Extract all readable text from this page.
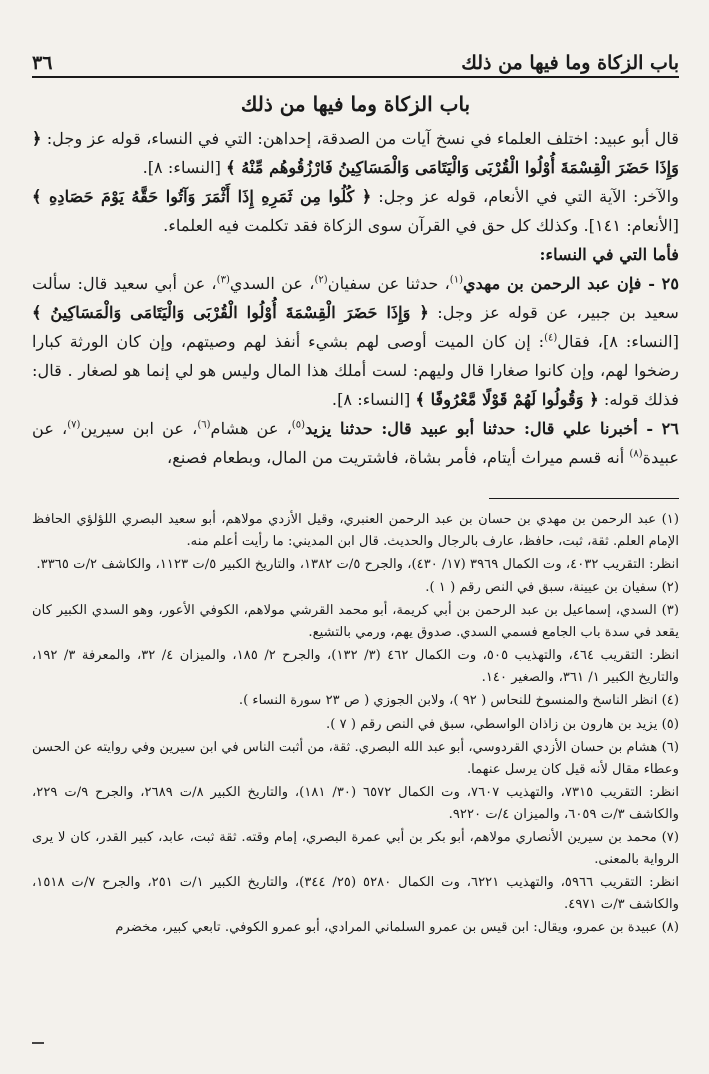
باب الزكاة وما فيها من ذلك
٣٦
باب الزكاة وما فيها من ذلك

قال أبو عبيد: اختلف العلماء في نسخ آيات من الصدقة، إحداهن: التي في النساء، قوله عز وجل: ﴿ وَإِذَا حَضَرَ الْقِسْمَةَ أُوْلُوا الْقُرْبَى وَالْيَتَامَى وَالْمَسَاكِينُ فَارْزُقُوهُم مِّنْهُ ﴾ [النساء: ٨].

والآخر: الآية التي في الأنعام، قوله عز وجل: ﴿ كُلُوا مِن ثَمَرِهِ إِذَا أَثْمَرَ وَآتُوا حَقَّهُ يَوْمَ حَصَادِهِ ﴾ [الأنعام: ١٤١]. وكذلك كل حق في القرآن سوى الزكاة فقد تكلمت فيه العلماء.

فأما التي في النساء:

٢٥ - فإن عبد الرحمن بن مهدي$^{(١)}$، حدثنا عن سفيان$^{(٢)}$، عن السدي$^{(٣)}$، عن أبي سعيد قال: سألت سعيد بن جبير، عن قوله عز وجل: ﴿ وَإِذَا حَضَرَ الْقِسْمَةَ أُوْلُوا الْقُرْبَى وَالْيَتَامَى وَالْمَسَاكِينُ ﴾ [النساء: ٨]، فقال$^{(٤)}$: إن كان الميت أوصى لهم بشيء أنفذ لهم وصيتهم، وإن كان الورثة كبارا رضخوا لهم، وإن كانوا صغارا قال وليهم: لست أملك هذا المال وليس هو لي إنما هو لصغار . قال: فذلك قوله: ﴿ وَقُولُوا لَهُمْ قَوْلًا مَّعْرُوفًا ﴾ [النساء: ٨].

٢٦ - أخبرنا علي قال: حدثنا أبو عبيد قال: حدثنا يزيد$^{(٥)}$، عن هشام$^{(٦)}$، عن ابن سيرين$^{(٧)}$، عن عبيدة$^{(٨)}$ أنه قسم ميراث أيتام، فأمر بشاة، فاشتريت من المال، وبطعام فصنع،

(١) عبد الرحمن بن مهدي بن حسان بن عبد الرحمن العنبري، وقيل الأزدي مولاهم، أبو سعيد البصري اللؤلؤي الحافظ الإمام العلم. ثقة، ثبت، حافظ، عارف بالرجال والحديث. قال ابن المديني: ما رأيت أعلم منه.
انظر: التقريب ٤٠٣٢، وت الكمال ٣٩٦٩ (١٧/ ٤٣٠)، والجرح ٥/ت ١٣٨٢، والتاريخ الكبير ٥/ت ١١٢٣، والكاشف ٢/ت ٣٣٦٥.
(٢) سفيان بن عيينة، سبق في النص رقم ( ١ ).
(٣) السدي، إسماعيل بن عبد الرحمن بن أبي كريمة، أبو محمد القرشي مولاهم، الكوفي الأعور، وهو السدي الكبير كان يقعد في سدة باب الجامع فسمي السدي. صدوق يهم، ورمي بالتشيع.
انظر: التقريب ٤٦٤، والتهذيب ٥٠٥، وت الكمال ٤٦٢ (٣/ ١٣٢)، والجرح ٢/ ١٨٥، والميزان ٤/ ٣٢، والمعرفة ٣/ ١٩٢، والتاريخ الكبير ١/ ٣٦١، والصغير ١٤٠.
(٤) انظر الناسخ والمنسوخ للنحاس ( ٩٢ )، ولابن الجوزي ( ص ٢٣ سورة النساء ).
(٥) يزيد بن هارون بن زاذان الواسطي، سبق في النص رقم ( ٧ ).
(٦) هشام بن حسان الأزدي القردوسي، أبو عبد الله البصري. ثقة، من أثبت الناس في ابن سيرين وفي روايته عن الحسن وعطاء مقال لأنه قيل كان يرسل عنهما.
انظر: التقريب ٧٣١٥، والتهذيب ٧٦٠٧، وت الكمال ٦٥٧٢ (٣٠/ ١٨١)، والتاريخ الكبير ٨/ت ٢٦٨٩، والجرح ٩/ت ٢٢٩، والكاشف ٣/ت ٦٠٥٩، والميزان ٤/ت ٩٢٢٠.
(٧) محمد بن سيرين الأنصاري مولاهم، أبو بكر بن أبي عمرة البصري، إمام وقته. ثقة ثبت، عابد، كبير القدر، كان لا يرى الرواية بالمعنى.
انظر: التقريب ٥٩٦٦، والتهذيب ٦٢٢١، وت الكمال ٥٢٨٠ (٢٥/ ٣٤٤)، والتاريخ الكبير ١/ت ٢٥١، والجرح ٧/ت ١٥١٨، والكاشف ٣/ت ٤٩٧١.
(٨) عبيدة بن عمرو، ويقال: ابن قيس بن عمرو السلماني المرادي، أبو عمرو الكوفي. تابعي كبير، مخضرم
